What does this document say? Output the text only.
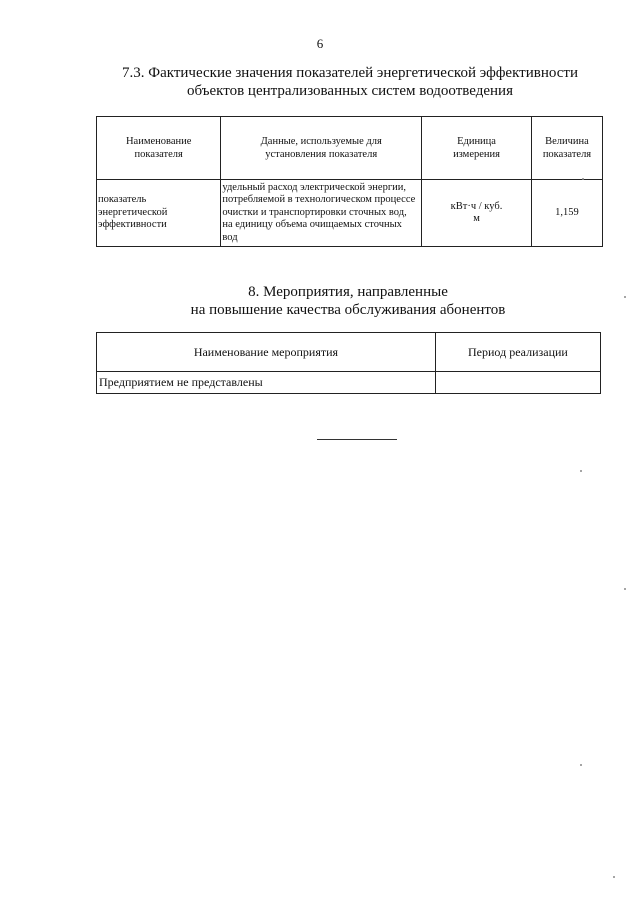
6
7.3. Фактические значения показателей энергетической эффективности
объектов централизованных систем водоотведения
Наименование показателя	Данные, используемые для установления показателя	Единица измерения	Величина показателя
показатель энергетической эффективности	удельный расход электрической энергии, потребляемой в технологическом процессе очистки и транспортировки сточных вод, на единицу объема очищаемых сточных вод	кВт·ч / куб. м	1,159
8. Мероприятия, направленные
на повышение качества обслуживания абонентов
Наименование мероприятия	Период реализации
Предприятием не представлены	
